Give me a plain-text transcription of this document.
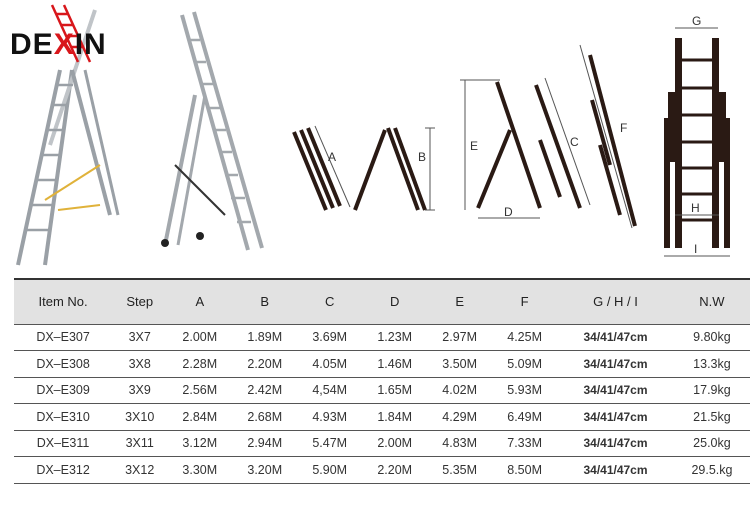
DEXIN
A	B
E
D
C
F
G
H
I
Item No.	Step	A	B	C	D	E	F	G / H / I	N.W
DX–E307	3X7	2.00M	1.89M	3.69M	1.23M	2.97M	4.25M	34/41/47cm	9.80kg
DX–E308	3X8	2.28M	2.20M	4.05M	1.46M	3.50M	5.09M	34/41/47cm	13.3kg
DX–E309	3X9	2.56M	2.42M	4,54M	1.65M	4.02M	5.93M	34/41/47cm	17.9kg
DX–E310	3X10	2.84M	2.68M	4.93M	1.84M	4.29M	6.49M	34/41/47cm	21.5kg
DX–E311	3X11	3.12M	2.94M	5.47M	2.00M	4.83M	7.33M	34/41/47cm	25.0kg
DX–E312	3X12	3.30M	3.20M	5.90M	2.20M	5.35M	8.50M	34/41/47cm	29.5.kg
